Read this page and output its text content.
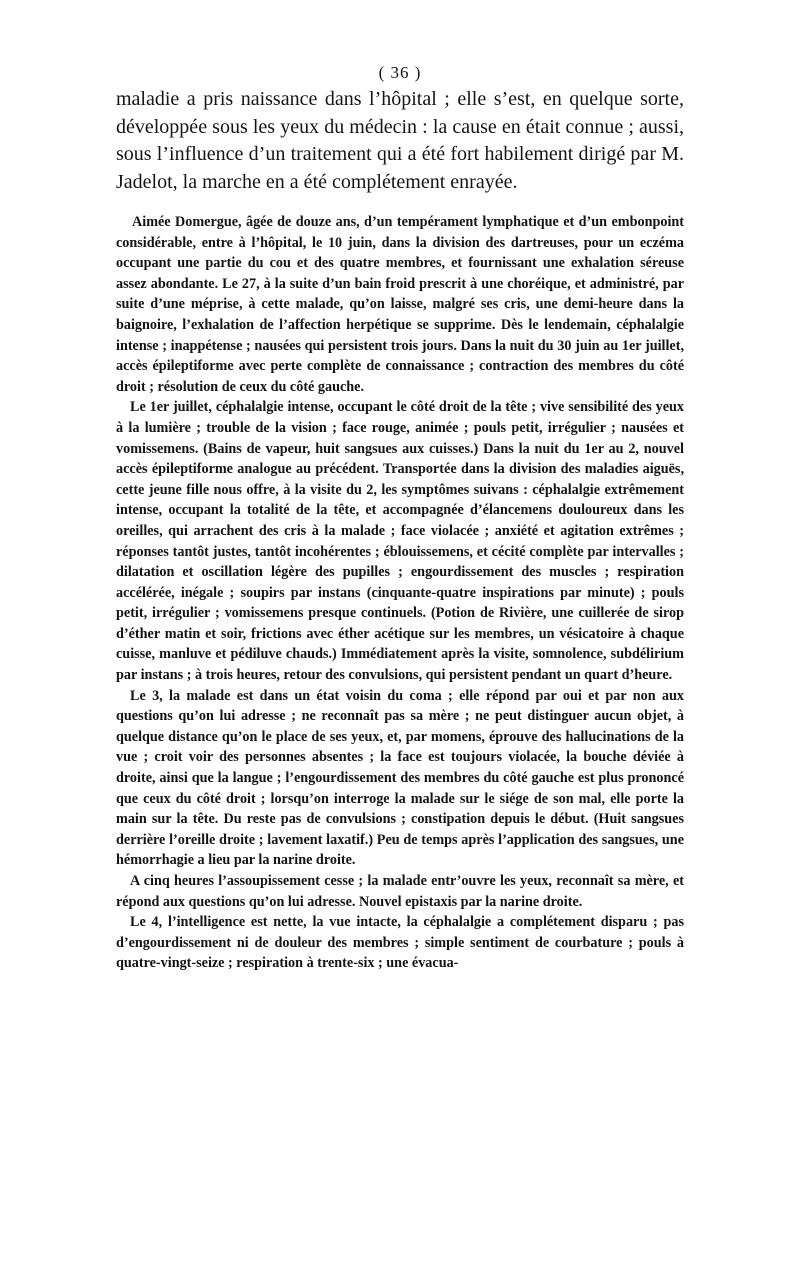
( 36 )

maladie a pris naissance dans l’hôpital ; elle s’est, en quelque sorte, développée sous les yeux du médecin : la cause en était connue ; aussi, sous l’influence d’un traitement qui a été fort habilement dirigé par M. Jadelot, la marche en a été complétement enrayée.

Aimée Domergue, âgée de douze ans, d’un tempérament lymphatique et d’un embonpoint considérable, entre à l’hôpital, le 10 juin, dans la division des dartreuses, pour un eczéma occupant une partie du cou et des quatre membres, et fournissant une exhalation séreuse assez abondante. Le 27, à la suite d’un bain froid prescrit à une choréique, et administré, par suite d’une méprise, à cette malade, qu’on laisse, malgré ses cris, une demi-heure dans la baignoire, l’exhalation de l’affection herpétique se supprime. Dès le lendemain, céphalalgie intense ; inappétense ; nausées qui persistent trois jours. Dans la nuit du 30 juin au 1er juillet, accès épileptiforme avec perte complète de connaissance ; contraction des membres du côté droit ; résolution de ceux du côté gauche.

Le 1er juillet, céphalalgie intense, occupant le côté droit de la tête ; vive sensibilité des yeux à la lumière ; trouble de la vision ; face rouge, animée ; pouls petit, irrégulier ; nausées et vomissemens. (Bains de vapeur, huit sangsues aux cuisses.) Dans la nuit du 1er au 2, nouvel accès épileptiforme analogue au précédent. Transportée dans la division des maladies aiguës, cette jeune fille nous offre, à la visite du 2, les symptômes suivans : céphalalgie extrêmement intense, occupant la totalité de la tête, et accompagnée d’élancemens douloureux dans les oreilles, qui arrachent des cris à la malade ; face violacée ; anxiété et agitation extrêmes ; réponses tantôt justes, tantôt incohérentes ; éblouissemens, et cécité complète par intervalles ; dilatation et oscillation légère des pupilles ; engourdissement des muscles ; respiration accélérée, inégale ; soupirs par instans (cinquante-quatre inspirations par minute) ; pouls petit, irrégulier ; vomissemens presque continuels. (Potion de Rivière, une cuillerée de sirop d’éther matin et soir, frictions avec éther acétique sur les membres, un vésicatoire à chaque cuisse, manluve et pédiluve chauds.) Immédiatement après la visite, somnolence, subdélirium par instans ; à trois heures, retour des convulsions, qui persistent pendant un quart d’heure.

Le 3, la malade est dans un état voisin du coma ; elle répond par oui et par non aux questions qu’on lui adresse ; ne reconnaît pas sa mère ; ne peut distinguer aucun objet, à quelque distance qu’on le place de ses yeux, et, par momens, éprouve des hallucinations de la vue ; croit voir des personnes absentes ; la face est toujours violacée, la bouche déviée à droite, ainsi que la langue ; l’engourdissement des membres du côté gauche est plus prononcé que ceux du côté droit ; lorsqu’on interroge la malade sur le siége de son mal, elle porte la main sur la tête. Du reste pas de convulsions ; constipation depuis le début. (Huit sangsues derrière l’oreille droite ; lavement laxatif.) Peu de temps après l’application des sangsues, une hémorrhagie a lieu par la narine droite.

A cinq heures l’assoupissement cesse ; la malade entr’ouvre les yeux, reconnaît sa mère, et répond aux questions qu’on lui adresse. Nouvel epistaxis par la narine droite.

Le 4, l’intelligence est nette, la vue intacte, la céphalalgie a complétement disparu ; pas d’engourdissement ni de douleur des membres ; simple sentiment de courbature ; pouls à quatre-vingt-seize ; respiration à trente-six ; une évacua-
